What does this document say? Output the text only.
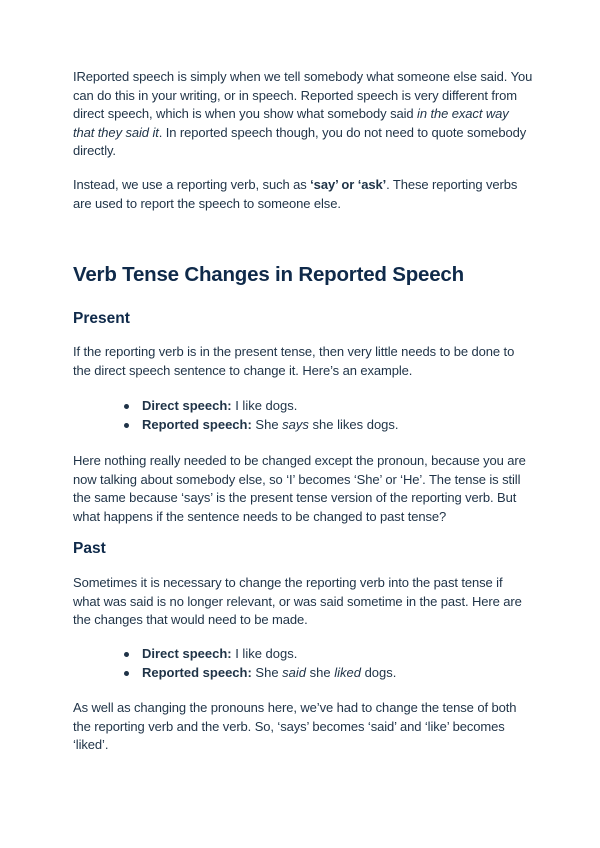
IReported speech is simply when we tell somebody what someone else said. You can do this in your writing, or in speech. Reported speech is very different from direct speech, which is when you show what somebody said in the exact way that they said it. In reported speech though, you do not need to quote somebody directly.

Instead, we use a reporting verb, such as ‘say’ or ‘ask’. These reporting verbs are used to report the speech to someone else.

Verb Tense Changes in Reported Speech
Present

If the reporting verb is in the present tense, then very little needs to be done to the direct speech sentence to change it. Here’s an example.

Direct speech: I like dogs.
Reported speech: She says she likes dogs.

Here nothing really needed to be changed except the pronoun, because you are now talking about somebody else, so ‘I’ becomes ‘She’ or ‘He’. The tense is still the same because ‘says’ is the present tense version of the reporting verb. But what happens if the sentence needs to be changed to past tense?

Past

Sometimes it is necessary to change the reporting verb into the past tense if what was said is no longer relevant, or was said sometime in the past. Here are the changes that would need to be made.

Direct speech: I like dogs.
Reported speech: She said she liked dogs.

As well as changing the pronouns here, we’ve had to change the tense of both the reporting verb and the verb. So, ‘says’ becomes ‘said’ and ‘like’ becomes ‘liked’.
